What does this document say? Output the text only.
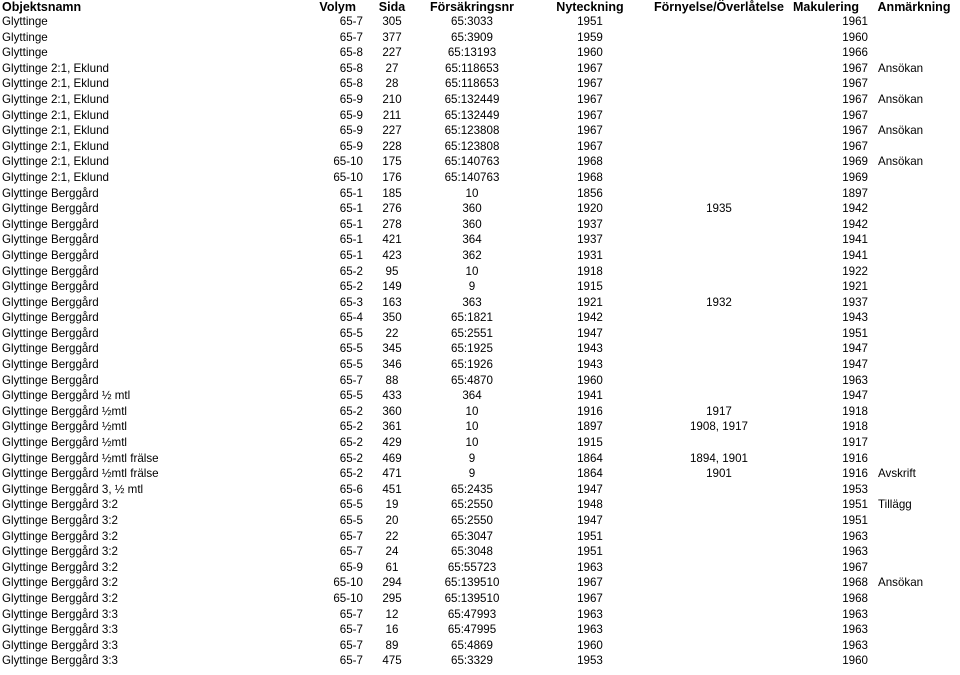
Objektsnamn	Volym	Sida	Försäkringsnr	Nyteckning	Förnyelse/Överlåtelse	Makulering	Anmärkning
Glyttinge	65-7	305	65:3033	1951		1961	
Glyttinge	65-7	377	65:3909	1959		1960	
Glyttinge	65-8	227	65:13193	1960		1966	
Glyttinge 2:1, Eklund	65-8	27	65:118653	1967		1967	Ansökan
Glyttinge 2:1, Eklund	65-8	28	65:118653	1967		1967	
Glyttinge 2:1, Eklund	65-9	210	65:132449	1967		1967	Ansökan
Glyttinge 2:1, Eklund	65-9	211	65:132449	1967		1967	
Glyttinge 2:1, Eklund	65-9	227	65:123808	1967		1967	Ansökan
Glyttinge 2:1, Eklund	65-9	228	65:123808	1967		1967	
Glyttinge 2:1, Eklund	65-10	175	65:140763	1968		1969	Ansökan
Glyttinge 2:1, Eklund	65-10	176	65:140763	1968		1969	
Glyttinge Berggård	65-1	185	10	1856		1897	
Glyttinge Berggård	65-1	276	360	1920	1935	1942	
Glyttinge Berggård	65-1	278	360	1937		1942	
Glyttinge Berggård	65-1	421	364	1937		1941	
Glyttinge Berggård	65-1	423	362	1931		1941	
Glyttinge Berggård	65-2	95	10	1918		1922	
Glyttinge Berggård	65-2	149	9	1915		1921	
Glyttinge Berggård	65-3	163	363	1921	1932	1937	
Glyttinge Berggård	65-4	350	65:1821	1942		1943	
Glyttinge Berggård	65-5	22	65:2551	1947		1951	
Glyttinge Berggård	65-5	345	65:1925	1943		1947	
Glyttinge Berggård	65-5	346	65:1926	1943		1947	
Glyttinge Berggård	65-7	88	65:4870	1960		1963	
Glyttinge Berggård ½ mtl	65-5	433	364	1941		1947	
Glyttinge Berggård ½mtl	65-2	360	10	1916	1917	1918	
Glyttinge Berggård ½mtl	65-2	361	10	1897	1908, 1917	1918	
Glyttinge Berggård ½mtl	65-2	429	10	1915		1917	
Glyttinge Berggård ½mtl frälse	65-2	469	9	1864	1894, 1901	1916	
Glyttinge Berggård ½mtl frälse	65-2	471	9	1864	1901	1916	Avskrift
Glyttinge Berggård 3, ½ mtl	65-6	451	65:2435	1947		1953	
Glyttinge Berggård 3:2	65-5	19	65:2550	1948		1951	Tillägg
Glyttinge Berggård 3:2	65-5	20	65:2550	1947		1951	
Glyttinge Berggård 3:2	65-7	22	65:3047	1951		1963	
Glyttinge Berggård 3:2	65-7	24	65:3048	1951		1963	
Glyttinge Berggård 3:2	65-9	61	65:55723	1963		1967	
Glyttinge Berggård 3:2	65-10	294	65:139510	1967		1968	Ansökan
Glyttinge Berggård 3:2	65-10	295	65:139510	1967		1968	
Glyttinge Berggård 3:3	65-7	12	65:47993	1963		1963	
Glyttinge Berggård 3:3	65-7	16	65:47995	1963		1963	
Glyttinge Berggård 3:3	65-7	89	65:4869	1960		1963	
Glyttinge Berggård 3:3	65-7	475	65:3329	1953		1960	
